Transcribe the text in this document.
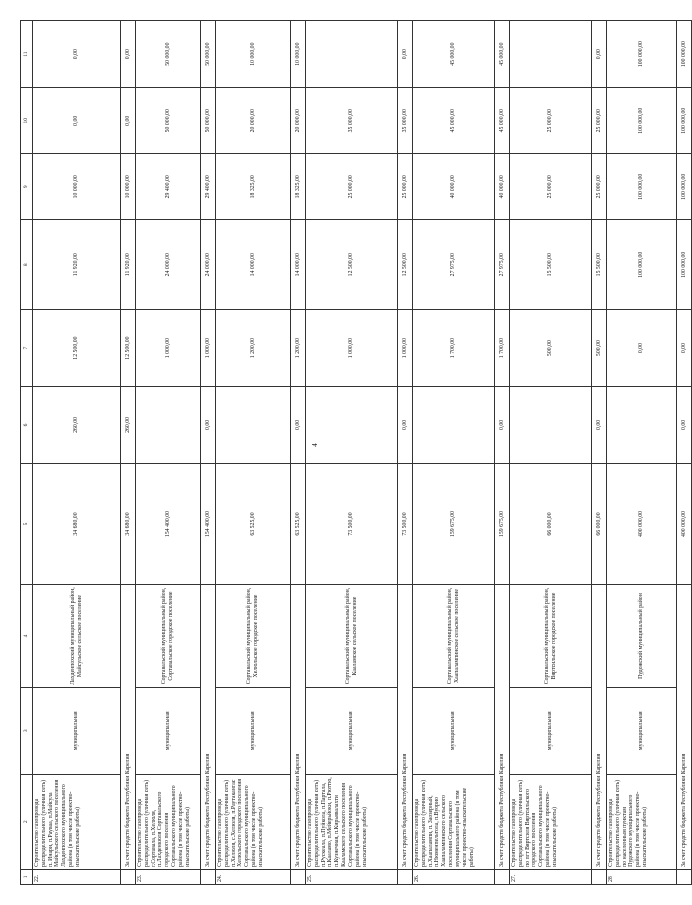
4
1	2	3	4	5	6	7	8	9	10	11
22.	Строительство газопровода распределительного (уличная сеть) п. Инари, п.Рауваа, п.Майсула Майсульского сельского поселения Лахденпохского муниципального района (в том числе проектно-изыскательские работы)	муниципальная	Лахденпохский муниципальный район, Майсульское сельское поселение	34 680,00	260,00	12 500,00	11 920,00	10 000,00	0,00	0,00
	За счет средств бюджета Республики Карелия			34 680,00	260,00	12 500,00	11 920,00	10 000,00	0,00	0,00
23.	Строительство газопровода распределительного (уличная сеть) г.Сортавала, п.Хелюля, п.Лахденкюля Сортавальского городского поселения Сортавальского муниципального района (в том числе проектно-изыскательские работы)	муниципальная	Сортавальский муниципальный район, Сортавальское городское поселение	154 400,00		1 000,00	24 000,00	29 400,00	50 000,00	50 000,00
	За счет средств бюджета Республики Карелия			154 400,00	0,00	1 000,00	24 000,00	29 400,00	50 000,00	50 000,00
24.	Строительство газопровода распределительного (уличная сеть) п.Хелюля, с.Хелюля, п.Раутакангас Хелюльского городского поселения Сортавальского муниципального района (в том числе проектно-изыскательские работы)	муниципальная	Сортавальский муниципальный район, Хелюльское городское поселение	63 525,00		1 200,00	14 000,00	18 325,00	20 000,00	10 000,00
	За счет средств бюджета Республики Карелия			63 525,00	0,00	1 200,00	14 000,00	18 325,00	20 000,00	10 000,00
25.	Строительство газопровода распределительного (уличная сеть) п.Рускеала, п.Пуйкола, п.Партала, п.Кааламо, п.Мейерьйоки, п.Рюттю, п.Кузнечная, п.Кирьявалахти Кааламского сельского поселения Сортавальского муниципального района (в том числе проектно-изыскательские работы)	муниципальная	Сортавальский муниципальный район, Кааламское сельское поселение	73 500,00		1 000,00	12 500,00	25 000,00	35 000,00	
	За счет средств бюджета Республики Карелия			73 500,00	0,00	1 000,00	12 500,00	25 000,00	35 000,00	0,00
26.	Строительство газопровода распределительного (уличная сеть) п.Хаапалампи, п. Заозерный, п.Нюменпельтола, п.Вуорио Хаапалампинского сельского поселения Сортавальского муниципального района (в том числе проектно-изыскательские работы)	муниципальная	Сортавальский муниципальный район, Хаапалампинское сельское поселение	159 675,00		1 700,00	27 975,00	40 000,00	45 000,00	45 000,00
	За счет средств бюджета Республики Карелия			159 675,00	0,00	1 700,00	27 975,00	40 000,00	45 000,00	45 000,00
27.	Строительство газопровода распределительного (уличная сеть) по пгт Вяртсиля Вяртсильского городского поселения Сортавальского муниципального района (в том числе проектно-изыскательские работы)	муниципальная	Сортавальский муниципальный район, Вяртсильское городское поселение	66 000,00		500,00	15 500,00	25 000,00	25 000,00	
	За счет средств бюджета Республики Карелия			66 000,00	0,00	500,00	15 500,00	25 000,00	25 000,00	0,00
28	Строительство газопровода распределительного (уличная сеть) по населенным пунктам Пудожского муниципального района (в том числе проектно-изыскательские работы)	муниципальная	Пудожский муниципальный район	400 000,00		0,00	100 000,00	100 000,00	100 000,00	100 000,00
	За счет средств бюджета Республики Карелия			400 000,00	0,00	0,00	100 000,00	100 000,00	100 000,00	100 000,00
